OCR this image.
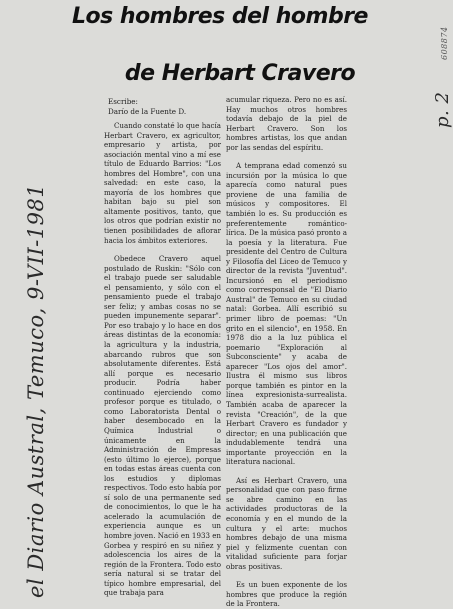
Los hombres del hombre
de Herbart Cravero
Escribe:
Darío de la Fuente D.

Cuando constaté lo que hacía Herbart Cravero, ex agricultor, empresario y artista, por asociación mental vino a mí ese título de Eduardo Barrios: "Los hombres del Hombre", con una salvedad: en este caso, la mayoría de los hombres que habitan bajo su piel son altamente positivos, tanto, que los otros que podrían existir no tienen posibilidades de aflorar hacia los ámbitos exteriores.

Obedece Cravero aquel postulado de Ruskin: "Sólo con el trabajo puede ser saludable el pensamiento, y sólo con el pensamiento puede el trabajo ser feliz; y ambas cosas no se pueden impunemente separar". Por eso trabajo y lo hace en dos áreas distintas de la economía: la agricultura y la industria, abarcando rubros que son absolutamente diferentes. Está allí porque es necesario producir. Podría haber continuado ejerciendo como profesor porque es titulado, o como Laboratorista Dental o haber desembocado en la Química Industrial o únicamente en la Administración de Empresas (esto último lo ejerce), porque en todas estas áreas cuenta con los estudios y diplomas respectivos. Todo esto había por sí solo de una permanente sed de conocimientos, lo que le ha acelerado la acumulación de experiencia aunque es un hombre joven. Nació en 1933 en Gorbea y respiró en su niñez y adolescencia los aires de la región de la Frontera. Todo esto sería natural si se tratar del típico hombre empresarial, del que trabaja para

acumular riqueza. Pero no es así. Hay muchos otros hombres todavía debajo de la piel de Herbart Cravero. Son los hombres artistas, los que andan por las sendas del espíritu.

A temprana edad comenzó su incursión por la música lo que aparecía como natural pues proviene de una familia de músicos y compositores. El también lo es. Su producción es preferentemente romántico-lírica. De la música pasó pronto a la poesía y la literatura. Fue presidente del Centro de Cultura y Filosofía del Liceo de Temuco y director de la revista "Juventud". Incursionó en el periodismo como corresponsal de "El Diario Austral" de Temuco en su ciudad natal: Gorbea. Allí escribió su primer libro de poemas: "Un grito en el silencio", en 1958. En 1978 dio a la luz pública el poemario "Exploración al Subconsciente" y acaba de aparecer "Los ojos del amor". Ilustra él mismo sus libros porque también es pintor en la línea expresionista-surrealista. También acaba de aparecer la revista "Creación", de la que Herbart Cravero es fundador y director; en una publicación que indudablemente tendrá una importante proyección en la literatura nacional.

Así es Herbart Cravero, una personalidad que con paso firme se abre camino en las actividades productoras de la economía y en el mundo de la cultura y el arte: muchos hombres debajo de una misma piel y felizmente cuentan con vitalidad suficiente para forjar obras positivas.

Es un buen exponente de los hombres que produce la región de la Frontera.

el Diario Austral, Temuco, 9-VII-1981
p. 2
608874
